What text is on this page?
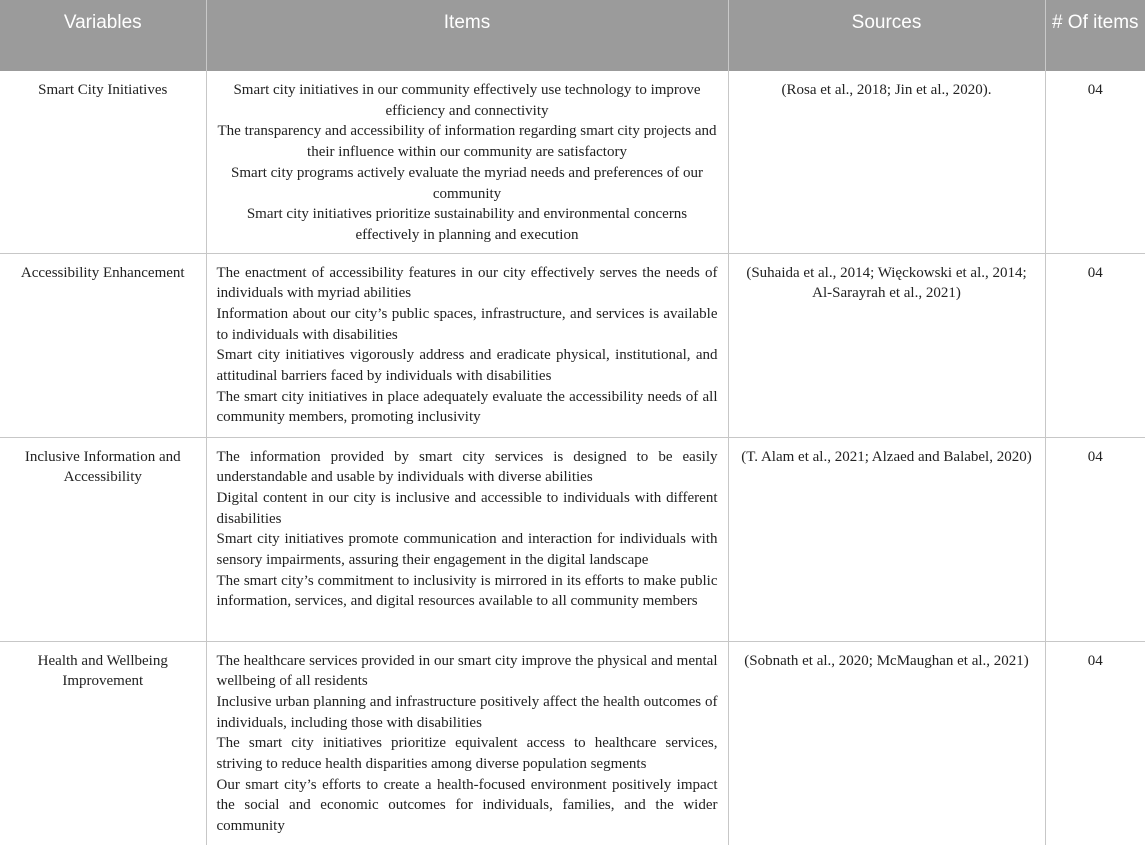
Variables	Items	Sources	# Of items
Smart City Initiatives	Smart city initiatives in our community effectively use technology to improve efficiency and connectivity
The transparency and accessibility of information regarding smart city projects and their influence within our community are satisfactory
Smart city programs actively evaluate the myriad needs and preferences of our community
Smart city initiatives prioritize sustainability and environmental concerns effectively in planning and execution	(Rosa et al., 2018; Jin et al., 2020).	04
Accessibility Enhancement	The enactment of accessibility features in our city effectively serves the needs of individuals with myriad abilities
Information about our city’s public spaces, infrastructure, and services is available to individuals with disabilities
Smart city initiatives vigorously address and eradicate physical, institutional, and attitudinal barriers faced by individuals with disabilities
The smart city initiatives in place adequately evaluate the accessibility needs of all community members, promoting inclusivity	(Suhaida et al., 2014; Więckowski et al., 2014; Al-Sarayrah et al., 2021)	04
Inclusive Information and Accessibility	The information provided by smart city services is designed to be easily understandable and usable by individuals with diverse abilities
Digital content in our city is inclusive and accessible to individuals with different disabilities
Smart city initiatives promote communication and interaction for individuals with sensory impairments, assuring their engagement in the digital landscape
The smart city’s commitment to inclusivity is mirrored in its efforts to make public information, services, and digital resources available to all community members	(T. Alam et al., 2021; Alzaed and Balabel, 2020)	04
Health and Wellbeing Improvement	The healthcare services provided in our smart city improve the physical and mental wellbeing of all residents
Inclusive urban planning and infrastructure positively affect the health outcomes of individuals, including those with disabilities
The smart city initiatives prioritize equivalent access to healthcare services, striving to reduce health disparities among diverse population segments
Our smart city’s efforts to create a health-focused environment positively impact the social and economic outcomes for individuals, families, and the wider community	(Sobnath et al., 2020; McMaughan et al., 2021)	04
